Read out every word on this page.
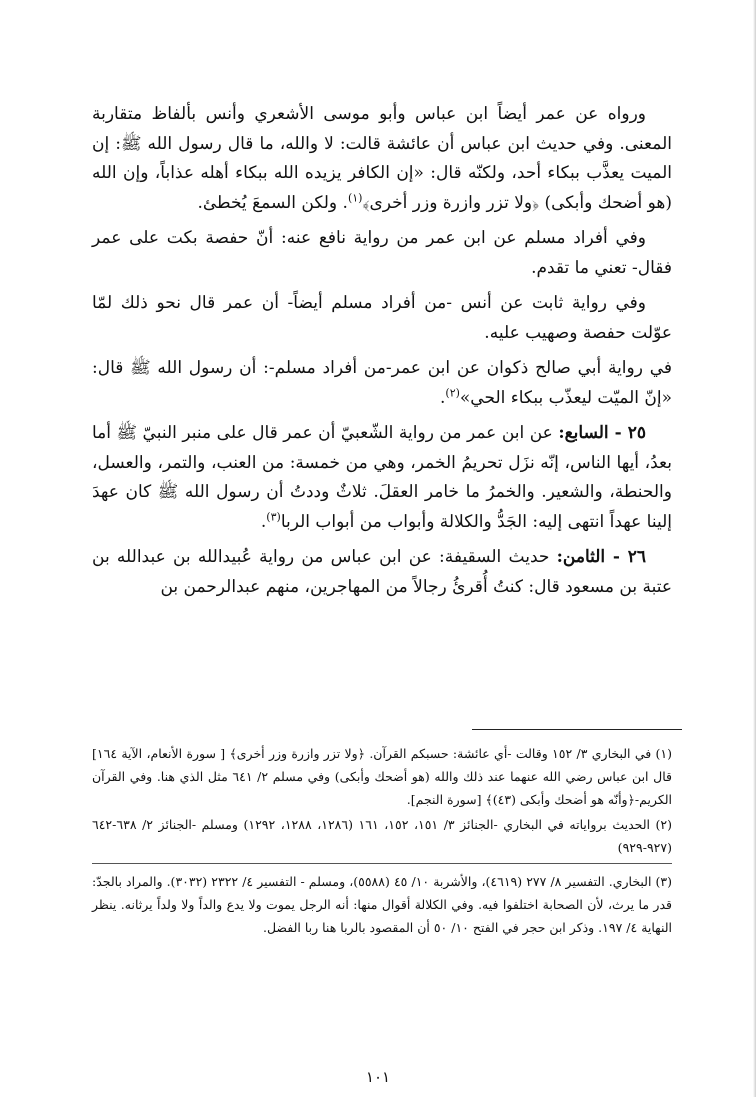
ورواه عن عمر أيضاً ابن عباس وأبو موسى الأشعري وأنس بألفاظ متقاربة المعنى. وفي حديث ابن عباس أن عائشة قالت: لا والله، ما قال رسول الله ﷺ: إن الميت يعذَّب ببكاء أحد، ولكنّه قال: «إن الكافر يزيده الله ببكاء أهله عذاباً، وإن الله (هو أضحك وأبكى) ﴿ولا تزر وازرة وزر أخرى﴾$^{(١)}$. ولكن السمعَ يُخطئ.

وفي أفراد مسلم عن ابن عمر من رواية نافع عنه: أنّ حفصة بكت على عمر فقال- تعني ما تقدم.

وفي رواية ثابت عن أنس -من أفراد مسلم أيضاً- أن عمر قال نحو ذلك لمّا عوّلت حفصة وصهيب عليه.

في رواية أبي صالح ذكوان عن ابن عمر-من أفراد مسلم-: أن رسول الله ﷺ قال: «إنّ الميّت ليعذّب ببكاء الحي»$^{(٢)}$.

٢٥ - السابع: عن ابن عمر من رواية الشّعبيّ أن عمر قال على منبر النبيّ ﷺ أما بعدُ، أيها الناس، إنّه نزَل تحريمُ الخمر، وهي من خمسة: من العنب، والتمر، والعسل، والحنطة، والشعير. والخمرُ ما خامر العقلَ. ثلاثٌ وددتُ أن رسول الله ﷺ كان عهدَ إلينا عهداً انتهى إليه: الجَدُّ والكلالة وأبواب من أبواب الربا$^{(٣)}$.

٢٦ - الثامن: حديث السقيفة: عن ابن عباس من رواية عُبيدالله بن عبدالله بن عتبة بن مسعود قال: كنتُ أُقرئُ رجالاً من المهاجرين، منهم عبدالرحمن بن

(١) في البخاري ٣/ ١٥٢ وقالت -أي عائشة: حسبكم القرآن. ﴿ولا تزر وازرة وزر أخرى﴾ [ سورة الأنعام، الآية ١٦٤] قال ابن عباس رضي الله عنهما عند ذلك والله (هو أضحك وأبكى) وفي مسلم ٢/ ٦٤١ مثل الذي هنا. وفي القرآن الكريم-﴿وأنّه هو أضحك وأبكى (٤٣)﴾ [سورة النجم].

(٢) الحديث برواياته في البخاري -الجنائز ٣/ ١٥١، ١٥٢، ١٦١ (١٢٨٦، ١٢٨٨، ١٢٩٢) ومسلم -الجنائز ٢/ ٦٣٨-٦٤٢ (٩٢٧-٩٢٩)

(٣) البخاري. التفسير ٨/ ٢٧٧ (٤٦١٩)، والأشربة ١٠/ ٤٥ (٥٥٨٨)، ومسلم - التفسير ٤/ ٢٣٢٢ (٣٠٣٢). والمراد بالجدّ: قدر ما يرث، لأن الصحابة اختلفوا فيه. وفي الكلالة أقوال منها: أنه الرجل يموت ولا يدع والداً ولا ولداً يرثانه. ينظر النهاية ٤/ ١٩٧. وذكر ابن حجر في الفتح ١٠/ ٥٠ أن المقصود بالربا هنا ربا الفضل.

١٠١
